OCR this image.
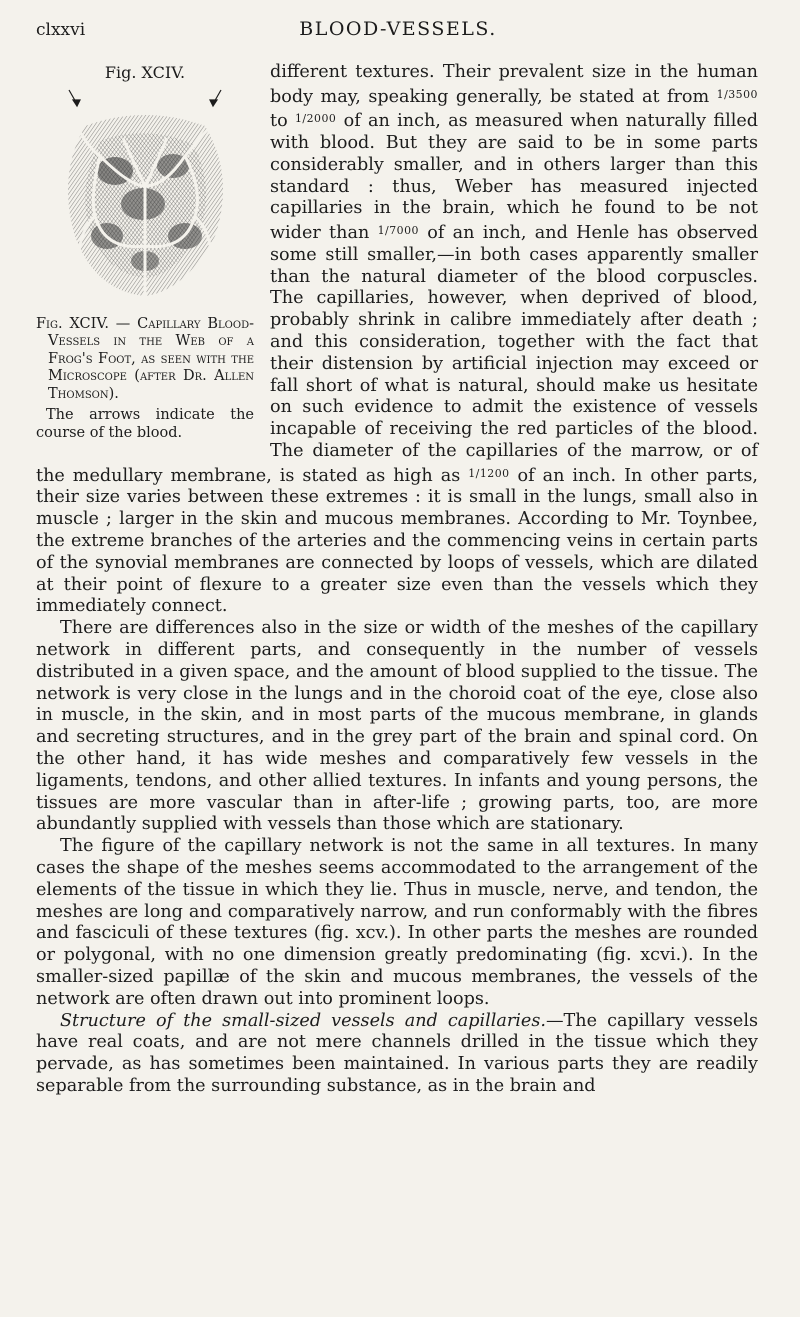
clxxvi	BLOOD-VESSELS.
Fig. XCIV.
Fig. XCIV. — Capillary Blood-Vessels in the Web of a Frog's Foot, as seen with the Microscope (after Dr. Allen Thomson).
The arrows indicate the course of the blood.

different textures. Their prevalent size in the human body may, speaking generally, be stated at from $^{1/3500}$ to $^{1/2000}$ of an inch, as measured when naturally filled with blood. But they are said to be in some parts considerably smaller, and in others larger than this standard : thus, Weber has measured injected capillaries in the brain, which he found to be not wider than $^{1/7000}$ of an inch, and Henle has observed some still smaller,—in both cases apparently smaller than the natural diameter of the blood corpuscles. The capillaries, however, when deprived of blood, probably shrink in calibre immediately after death ; and this consideration, together with the fact that their distension by artificial injection may exceed or fall short of what is natural, should make us hesitate on such evidence to admit the existence of vessels incapable of receiving the red particles of the blood. The diameter of the capillaries of the marrow, or of the medullary membrane, is stated as high as $^{1/1200}$ of an inch. In other parts, their size varies between these extremes : it is small in the lungs, small also in muscle ; larger in the skin and mucous membranes. According to Mr. Toynbee, the extreme branches of the arteries and the commencing veins in certain parts of the synovial membranes are connected by loops of vessels, which are dilated at their point of flexure to a greater size even than the vessels which they immediately connect.

There are differences also in the size or width of the meshes of the capillary network in different parts, and consequently in the number of vessels distributed in a given space, and the amount of blood supplied to the tissue. The network is very close in the lungs and in the choroid coat of the eye, close also in muscle, in the skin, and in most parts of the mucous membrane, in glands and secreting structures, and in the grey part of the brain and spinal cord. On the other hand, it has wide meshes and comparatively few vessels in the ligaments, tendons, and other allied textures. In infants and young persons, the tissues are more vascular than in after-life ; growing parts, too, are more abundantly supplied with vessels than those which are stationary.

The figure of the capillary network is not the same in all textures. In many cases the shape of the meshes seems accommodated to the arrangement of the elements of the tissue in which they lie. Thus in muscle, nerve, and tendon, the meshes are long and comparatively narrow, and run conformably with the fibres and fasciculi of these textures (fig. xcv.). In other parts the meshes are rounded or polygonal, with no one dimension greatly predominating (fig. xcvi.). In the smaller-sized papillæ of the skin and mucous membranes, the vessels of the network are often drawn out into prominent loops.

Structure of the small-sized vessels and capillaries.—The capillary vessels have real coats, and are not mere channels drilled in the tissue which they pervade, as has sometimes been maintained. In various parts they are readily separable from the surrounding substance, as in the brain and
